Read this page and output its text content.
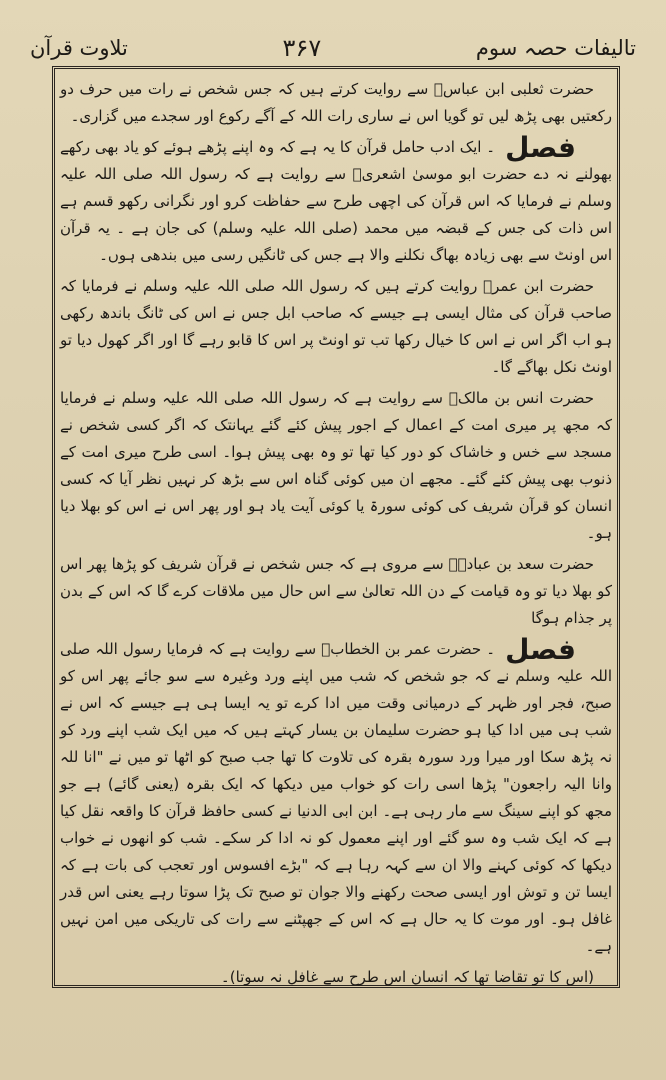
تالیفات حصہ سوم
۳۶۷
تلاوت قرآن

حضرت ثعلبی ابن عباسؓ سے روایت کرتے ہیں کہ جس شخص نے رات میں حرف دو رکعتیں بھی پڑھ لیں تو گویا اس نے ساری رات اللہ کے آگے رکوع اور سجدے میں گزاری۔

فصل۔ ایک ادب حامل قرآن کا یہ ہے کہ وہ اپنے پڑھے ہوئے کو یاد بھی رکھے بھولنے نہ دے حضرت ابو موسیٰ اشعریؓ سے روایت ہے کہ رسول اللہ صلی اللہ علیہ وسلم نے فرمایا کہ اس قرآن کی اچھی طرح سے حفاظت کرو اور نگرانی رکھو قسم ہے اس ذات کی جس کے قبضہ میں محمد (صلی اللہ علیہ وسلم) کی جان ہے ۔ یہ قرآن اس اونٹ سے بھی زیادہ بھاگ نکلنے والا ہے جس کی ٹانگیں رسی میں بندھی ہوں۔

حضرت ابن عمرؓ روایت کرتے ہیں کہ رسول اللہ صلی اللہ علیہ وسلم نے فرمایا کہ صاحب قرآن کی مثال ایسی ہے جیسے کہ صاحب ابل جس نے اس کی ٹانگ باندھ رکھی ہو اب اگر اس نے اس کا خیال رکھا تب تو اونٹ پر اس کا قابو رہے گا اور اگر کھول دیا تو اونٹ نکل بھاگے گا۔

حضرت انس بن مالکؓ سے روایت ہے کہ رسول اللہ صلی اللہ علیہ وسلم نے فرمایا کہ مجھ پر میری امت کے اعمال کے اجور پیش کئے گئے یہانتک کہ اگر کسی شخص نے مسجد سے خس و خاشاک کو دور کیا تھا تو وہ بھی پیش ہوا۔ اسی طرح میری امت کے ذنوب بھی پیش کئے گئے۔ مجھے ان میں کوئی گناہ اس سے بڑھ کر نہیں نظر آیا کہ کسی انسان کو قرآن شریف کی کوئی سورۃ یا کوئی آیت یاد ہو اور پھر اس نے اس کو بھلا دیا ہو۔

حضرت سعد بن عبادہؓ سے مروی ہے کہ جس شخص نے قرآن شریف کو پڑھا پھر اس کو بھلا دیا تو وہ قیامت کے دن اللہ تعالیٰ سے اس حال میں ملاقات کرے گا کہ اس کے بدن پر جذام ہوگا

فصل۔ حضرت عمر بن الخطابؓ سے روایت ہے کہ فرمایا رسول اللہ صلی اللہ علیہ وسلم نے کہ جو شخص کہ شب میں اپنے ورد وغیرہ سے سو جائے پھر اس کو صبح، فجر اور ظہر کے درمیانی وقت میں ادا کرے تو یہ ایسا ہی ہے جیسے کہ اس نے شب ہی میں ادا کیا ہو حضرت سلیمان بن یسار کہتے ہیں کہ میں ایک شب اپنے ورد کو نہ پڑھ سکا اور میرا ورد سورہ بقرہ کی تلاوت کا تھا جب صبح کو اٹھا تو میں نے "انا للہ وانا الیہ راجعون" پڑھا اسی رات کو خواب میں دیکھا کہ ایک بقرہ (یعنی گائے) ہے جو مجھ کو اپنے سینگ سے مار رہی ہے۔ ابن ابی الدنیا نے کسی حافظ قرآن کا واقعہ نقل کیا ہے کہ ایک شب وہ سو گئے اور اپنے معمول کو نہ ادا کر سکے۔ شب کو انھوں نے خواب دیکھا کہ کوئی کہنے والا ان سے کہہ رہا ہے کہ "بڑے افسوس اور تعجب کی بات ہے کہ ایسا تن و توش اور ایسی صحت رکھنے والا جوان تو صبح تک پڑا سوتا رہے یعنی اس قدر غافل ہو۔ اور موت کا یہ حال ہے کہ اس کے جھپٹنے سے رات کی تاریکی میں امن نہیں ہے۔

(اس کا تو تقاضا تھا کہ انسان اس طرح سے غافل نہ سوتا)۔
